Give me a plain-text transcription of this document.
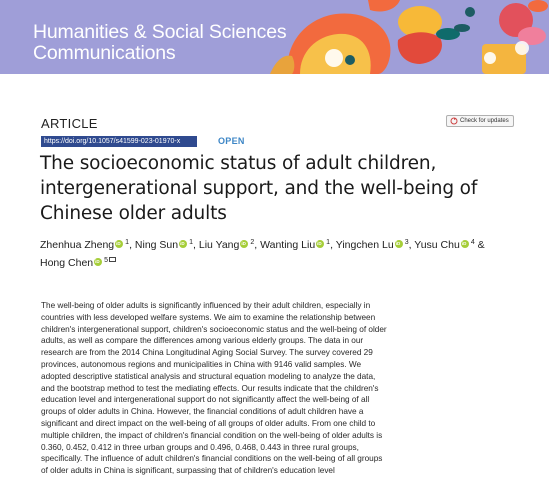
Humanities & Social Sciences
Communications
ARTICLE	Check for updates
https://doi.org/10.1057/s41599-023-01970-x	OPEN
The socioeconomic status of adult children, intergenerational support, and the well-being of Chinese older adults
Zhenhua Zheng iD $^1$, Ning Sun iD $^1$, Liu Yang iD $^2$, Wanting Liu iD $^1$, Yingchen Lu iD $^3$, Yusu Chu iD $^4$ & Hong Chen iD $^5$

The well-being of older adults is significantly influenced by their adult children, especially in countries with less developed welfare systems. We aim to examine the relationship between children's intergenerational support, children's socioeconomic status and the well-being of older adults, as well as compare the differences among various elderly groups. The data in our research are from the 2014 China Longitudinal Aging Social Survey. The survey covered 29 provinces, autonomous regions and municipalities in China with 9146 valid samples. We adopted descriptive statistical analysis and structural equation modeling to analyze the data, and the bootstrap method to test the mediating effects. Our results indicate that the children's education level and intergenerational support do not significantly affect the well-being of all groups of older adults in China. However, the financial conditions of adult children have a significant and direct impact on the well-being of all groups of older adults. From one child to multiple children, the impact of children's financial condition on the well-being of older adults is 0.360, 0.452, 0.412 in three urban groups and 0.496, 0.468, 0.443 in three rural groups, specifically. The influence of adult children's financial conditions on the well-being of all groups of older adults in China is significant, surpassing that of children's education level
